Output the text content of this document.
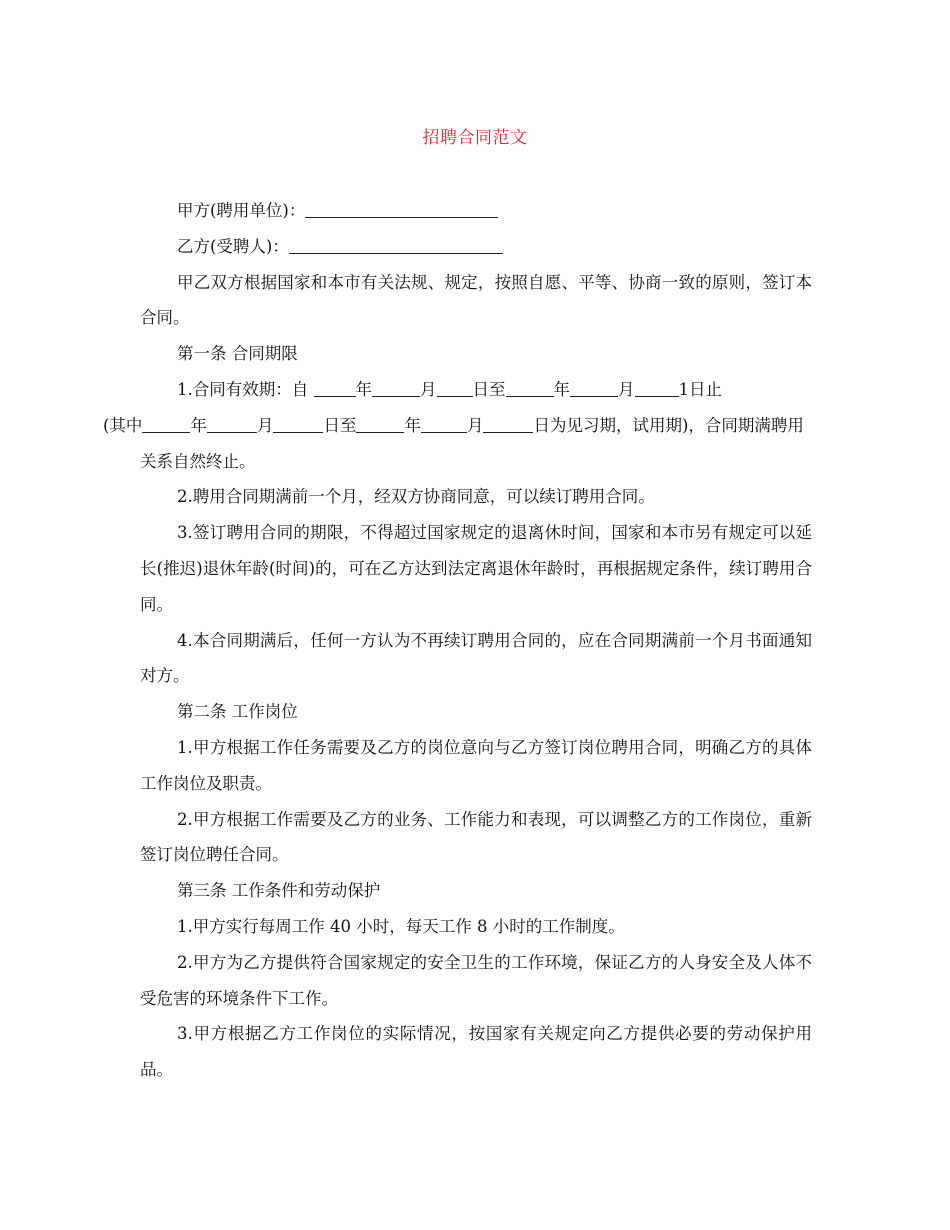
招聘合同范文

甲方(聘用单位)：

乙方(受聘人)：

甲乙双方根据国家和本市有关法规、规定，按照自愿、平等、协商一致的原则，签订本合同。

第一条 合同期限

1.合同有效期：自	年	月 日至	年	月	1日止
(其中	年	月	日至	年	月	日为见习期，试用期)，合同期满聘用关系自然终止。

2.聘用合同期满前一个月，经双方协商同意，可以续订聘用合同。

3.签订聘用合同的期限，不得超过国家规定的退离休时间，国家和本市另有规定可以延长(推迟)退休年龄(时间)的，可在乙方达到法定离退休年龄时，再根据规定条件，续订聘用合同。

4.本合同期满后，任何一方认为不再续订聘用合同的，应在合同期满前一个月书面通知对方。

第二条 工作岗位

1.甲方根据工作任务需要及乙方的岗位意向与乙方签订岗位聘用合同，明确乙方的具体工作岗位及职责。

2.甲方根据工作需要及乙方的业务、工作能力和表现，可以调整乙方的工作岗位，重新签订岗位聘任合同。

第三条 工作条件和劳动保护

1.甲方实行每周工作 40 小时，每天工作 8 小时的工作制度。

2.甲方为乙方提供符合国家规定的安全卫生的工作环境，保证乙方的人身安全及人体不受危害的环境条件下工作。

3.甲方根据乙方工作岗位的实际情况，按国家有关规定向乙方提供必要的劳动保护用品。
